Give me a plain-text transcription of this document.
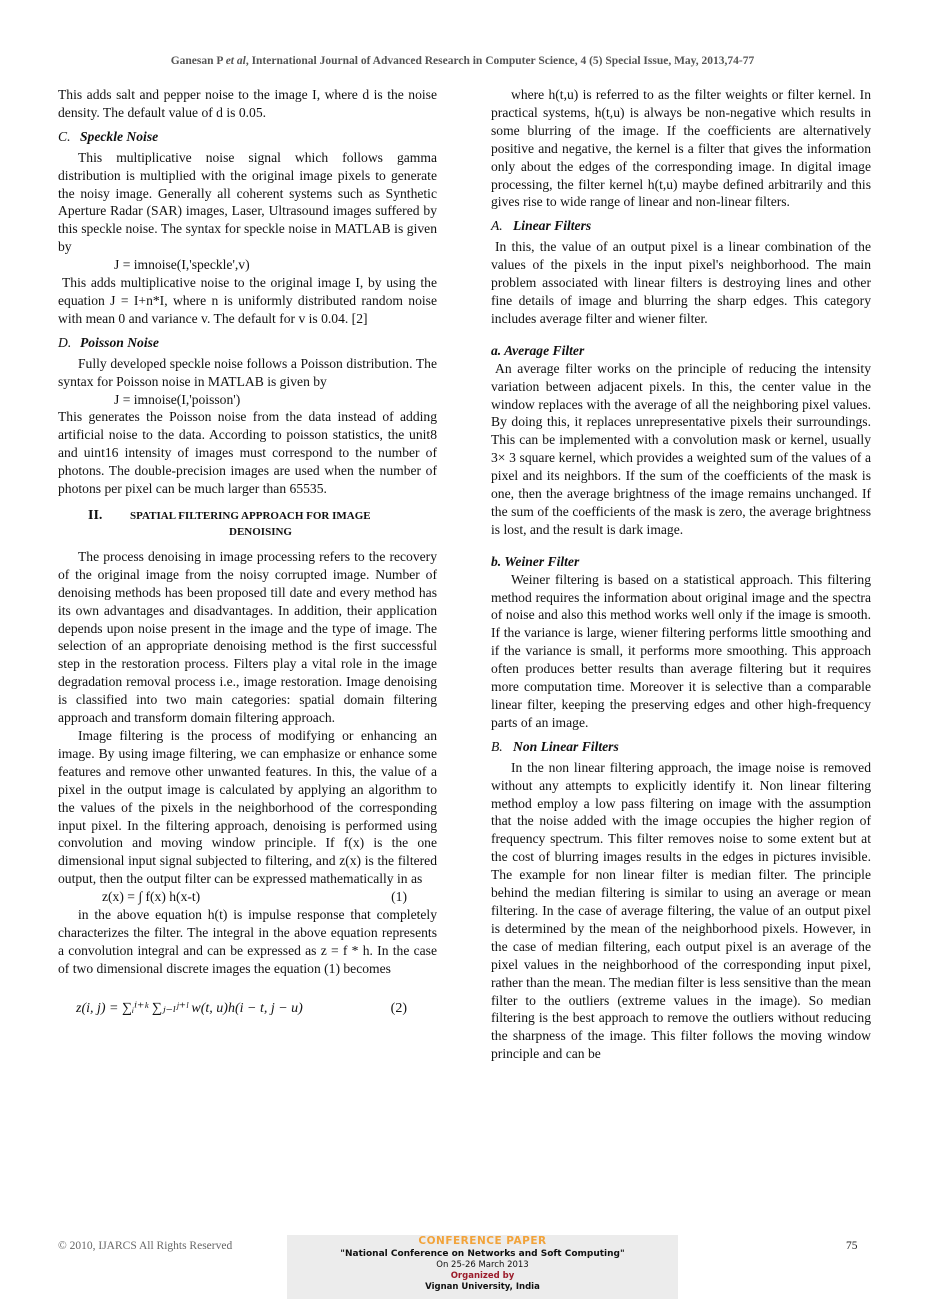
Ganesan P et al, International Journal of Advanced Research in Computer Science, 4 (5) Special Issue, May, 2013,74-77

This adds salt and pepper noise to the image I, where d is the noise density. The default value of d is 0.05.

C. Speckle Noise

This multiplicative noise signal which follows gamma distribution is multiplied with the original image pixels to generate the noisy image. Generally all coherent systems such as Synthetic Aperture Radar (SAR) images, Laser, Ultrasound images suffered by this speckle noise. The syntax for speckle noise in MATLAB is given by

J = imnoise(I,'speckle',v)

This adds multiplicative noise to the original image I, by using the equation J = I+n*I, where n is uniformly distributed random noise with mean 0 and variance v. The default for v is 0.04. [2]

D. Poisson Noise

Fully developed speckle noise follows a Poisson distribution. The syntax for Poisson noise in MATLAB is given by

J = imnoise(I,'poisson')

This generates the Poisson noise from the data instead of adding artificial noise to the data. According to poisson statistics, the unit8 and uint16 intensity of images must correspond to the number of photons. The double-precision images are used when the number of photons per pixel can be much larger than 65535.

II.	SPATIAL FILTERING APPROACH FOR IMAGE
DENOISING

The process denoising in image processing refers to the recovery of the original image from the noisy corrupted image. Number of denoising methods has been proposed till date and every method has its own advantages and disadvantages. In addition, their application depends upon noise present in the image and the type of image. The selection of an appropriate denoising method is the first successful step in the restoration process. Filters play a vital role in the image degradation removal process i.e., image restoration. Image denoising is classified into two main categories: spatial domain filtering approach and transform domain filtering approach.

Image filtering is the process of modifying or enhancing an image. By using image filtering, we can emphasize or enhance some features and remove other unwanted features. In this, the value of a pixel in the output image is calculated by applying an algorithm to the values of the pixels in the neighborhood of the corresponding input pixel. In the filtering approach, denoising is performed using convolution and moving window principle. If f(x) is the one dimensional input signal subjected to filtering, and z(x) is the filtered output, then the output filter can be expressed mathematically in as

z(x) = ∫ f(x) h(x-t)	(1)

in the above equation h(t) is impulse response that completely characterizes the filter. The integral in the above equation represents a convolution integral and can be expressed as z = f * h. In the case of two dimensional discrete images the equation (1) becomes

z(i, j) = ∑ᵢⁱ⁺ᵏ ∑ⱼ₋ₗʲ⁺ˡ w(t, u)h(i − t, j − u)	(2)

where h(t,u) is referred to as the filter weights or filter kernel. In practical systems, h(t,u) is always be non-negative which results in some blurring of the image. If the coefficients are alternatively positive and negative, the kernel is a filter that gives the information only about the edges of the corresponding image. In digital image processing, the filter kernel h(t,u) maybe defined arbitrarily and this gives rise to wide range of linear and non-linear filters.

A. Linear Filters

In this, the value of an output pixel is a linear combination of the values of the pixels in the input pixel's neighborhood. The main problem associated with linear filters is destroying lines and other fine details of image and blurring the sharp edges. This category includes average filter and wiener filter.

a. Average Filter

An average filter works on the principle of reducing the intensity variation between adjacent pixels. In this, the center value in the window replaces with the average of all the neighboring pixel values. By doing this, it replaces unrepresentative pixels their surroundings. This can be implemented with a convolution mask or kernel, usually 3× 3 square kernel, which provides a weighted sum of the values of a pixel and its neighbors. If the sum of the coefficients of the mask is one, then the average brightness of the image remains unchanged. If the sum of the coefficients of the mask is zero, the average brightness is lost, and the result is dark image.

b. Weiner Filter

Weiner filtering is based on a statistical approach. This filtering method requires the information about original image and the spectra of noise and also this method works well only if the image is smooth. If the variance is large, wiener filtering performs little smoothing and if the variance is small, it performs more smoothing. This approach often produces better results than average filtering but it requires more computation time. Moreover it is selective than a comparable linear filter, keeping the preserving edges and other high-frequency parts of an image.

B. Non Linear Filters

In the non linear filtering approach, the image noise is removed without any attempts to explicitly identify it. Non linear filtering method employ a low pass filtering on image with the assumption that the noise added with the image occupies the higher region of frequency spectrum. This filter removes noise to some extent but at the cost of blurring images results in the edges in pictures invisible. The example for non linear filter is median filter. The principle behind the median filtering is similar to using an average or mean filtering. In the case of average filtering, the value of an output pixel is determined by the mean of the neighborhood pixels. However, in the case of median filtering, each output pixel is an average of the pixel values in the neighborhood of the corresponding input pixel, rather than the mean. The median filter is less sensitive than the mean filter to the outliers (extreme values in the image). So median filtering is the best approach to remove the outliers without reducing the sharpness of the image. This filter follows the moving window principle and can be

© 2010, IJARCS All Rights Reserved	75
CONFERENCE PAPER
"National Conference on Networks and Soft Computing"
On 25-26 March 2013
Organized by
Vignan University, India
